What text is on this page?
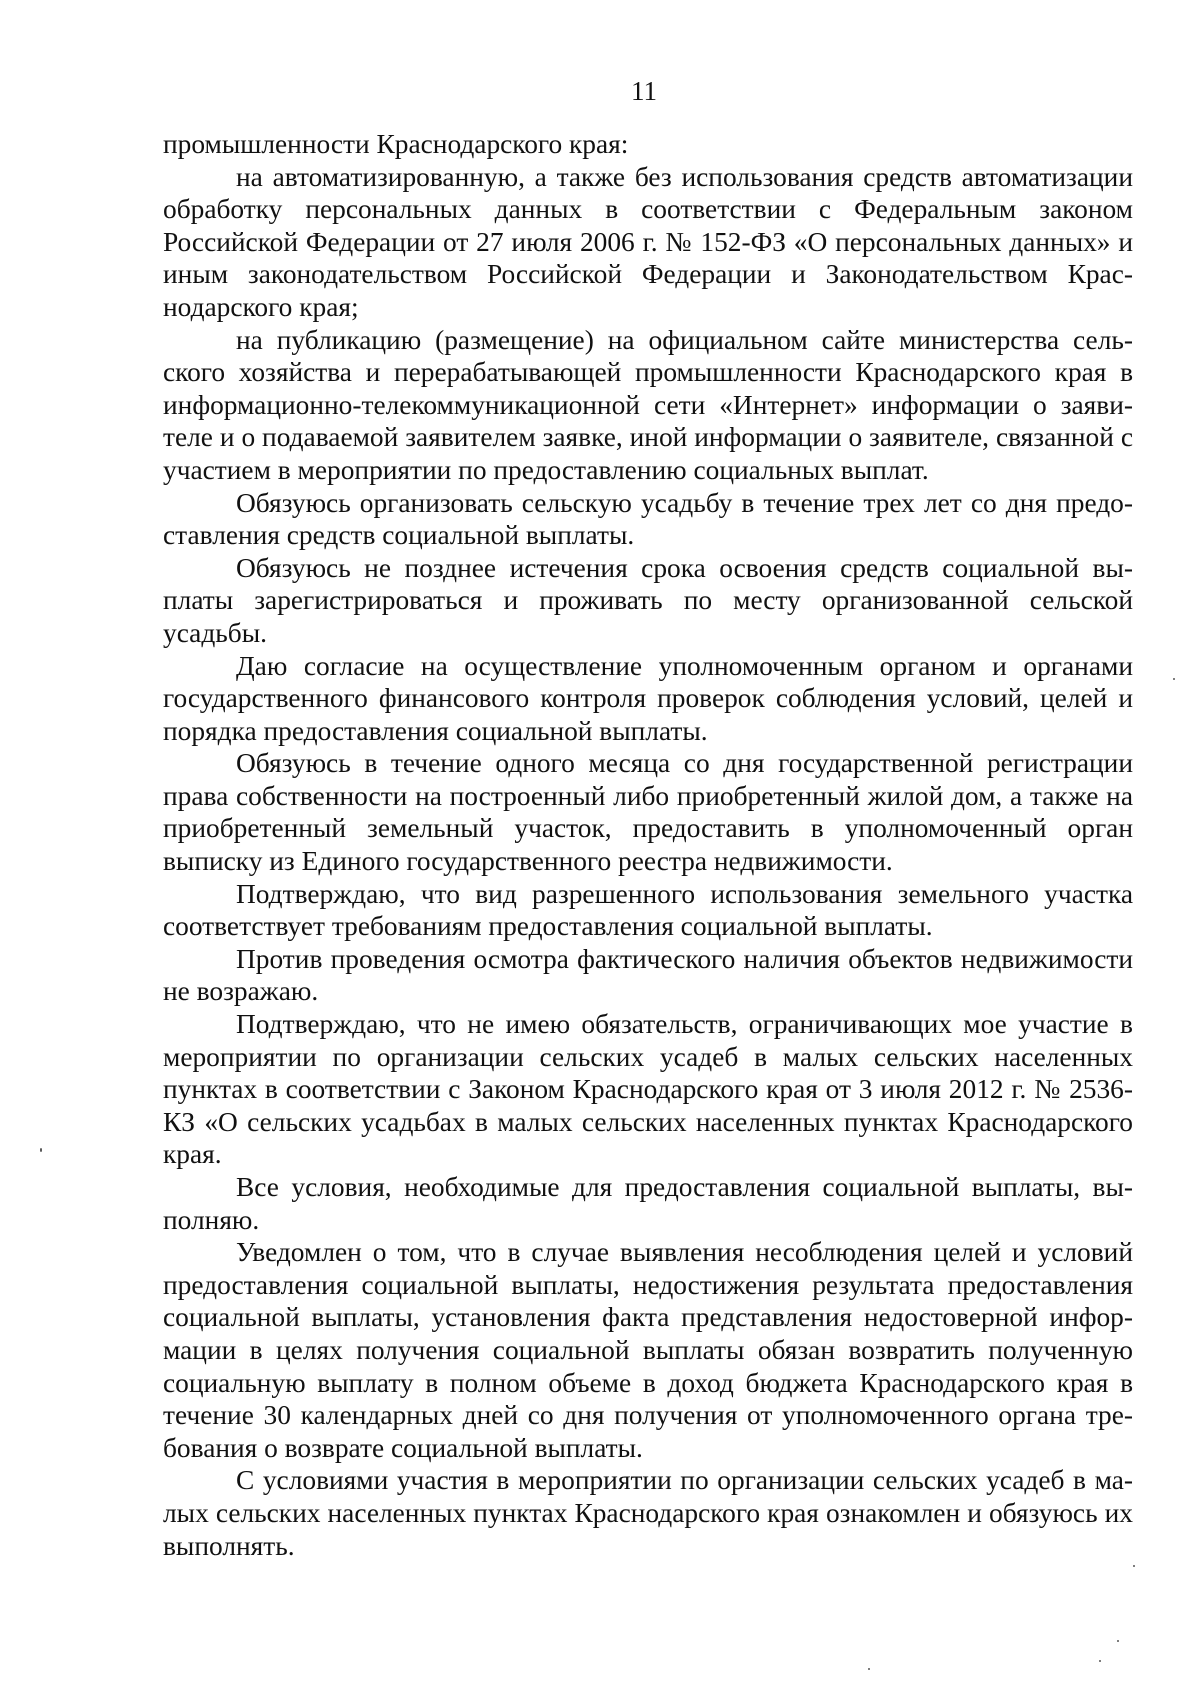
11

промышленности Краснодарского края:

на автоматизированную, а также без использования средств автоматизации обработку персональных данных в соответствии с Федеральным законом Российской Федерации от 27 июля 2006 г. № 152-ФЗ «О персональных данных» и иным законодательством Российской Федерации и Законодательством Краснодарского края;

на публикацию (размещение) на официальном сайте министерства сельского хозяйства и перерабатывающей промышленности Краснодарского края в информационно-телекоммуникационной сети «Интернет» информации о заявителе и о подаваемой заявителем заявке, иной информации о заявителе, связанной с участием в мероприятии по предоставлению социальных выплат.

Обязуюсь организовать сельскую усадьбу в течение трех лет со дня предоставления средств социальной выплаты.

Обязуюсь не позднее истечения срока освоения средств социальной выплаты зарегистрироваться и проживать по месту организованной сельской усадьбы.

Даю согласие на осуществление уполномоченным органом и органами государственного финансового контроля проверок соблюдения условий, целей и порядка предоставления социальной выплаты.

Обязуюсь в течение одного месяца со дня государственной регистрации права собственности на построенный либо приобретенный жилой дом, а также на приобретенный земельный участок, предоставить в уполномоченный орган выписку из Единого государственного реестра недвижимости.

Подтверждаю, что вид разрешенного использования земельного участка соответствует требованиям предоставления социальной выплаты.

Против проведения осмотра фактического наличия объектов недвижимости не возражаю.

Подтверждаю, что не имею обязательств, ограничивающих мое участие в мероприятии по организации сельских усадеб в малых сельских населенных пунктах в соответствии с Законом Краснодарского края от 3 июля 2012 г. № 2536-КЗ «О сельских усадьбах в малых сельских населенных пунктах Краснодарского края.

Все условия, необходимые для предоставления социальной выплаты, выполняю.

Уведомлен о том, что в случае выявления несоблюдения целей и условий предоставления социальной выплаты, недостижения результата предоставления социальной выплаты, установления факта представления недостоверной информации в целях получения социальной выплаты обязан возвратить полученную социальную выплату в полном объеме в доход бюджета Краснодарского края в течение 30 календарных дней со дня получения от уполномоченного органа требования о возврате социальной выплаты.

С условиями участия в мероприятии по организации сельских усадеб в малых сельских населенных пунктах Краснодарского края ознакомлен и обязуюсь их выполнять.
